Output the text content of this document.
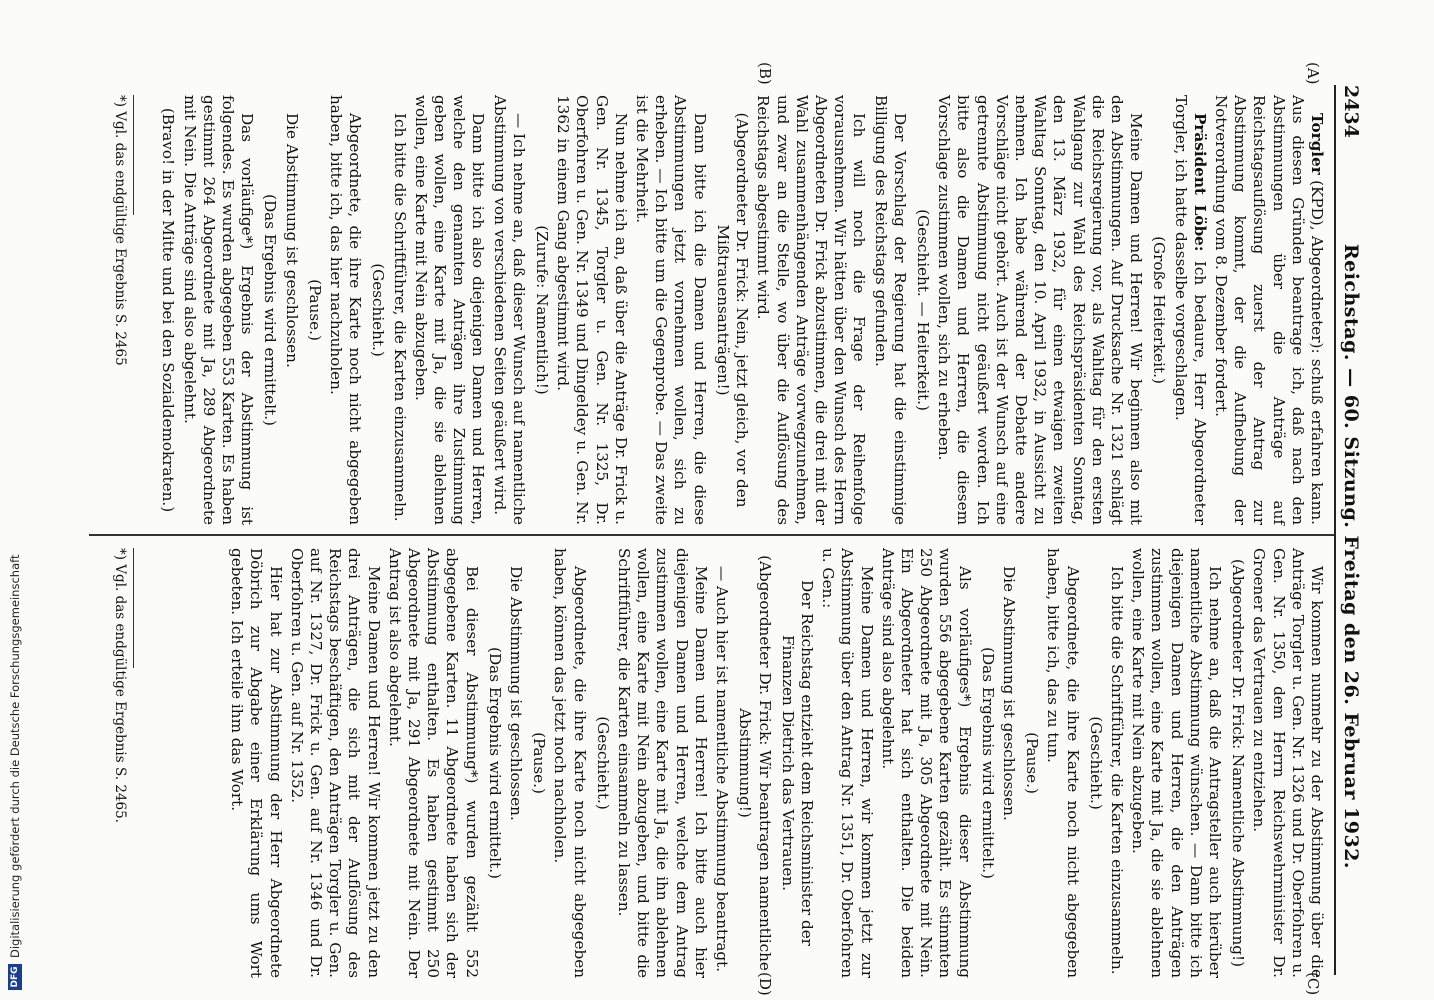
2434
Reichstag. — 60. Sitzung. Freitag den 26. Februar 1932.
(A)
(B)
(C)
(D)

Torgler (KPD), Abgeordneter): schuß erfahren kann. Aus diesen Gründen beantrage ich, daß nach den Abstimmungen über die Anträge auf Reichstagsauflösung zuerst der Antrag zur Abstimmung kommt, der die Aufhebung der Notverordnung vom 8. Dezember fordert.

Präsident Löbe: Ich bedaure, Herr Abgeordneter Torgler, ich hatte dasselbe vorgeschlagen.

(Große Heiterkeit.)

Meine Damen und Herren! Wir beginnen also mit den Abstimmungen. Auf Drucksache Nr. 1321 schlägt die Reichsregierung vor, als Wahltag für den ersten Wahlgang zur Wahl des Reichspräsidenten Sonntag, den 13. März 1932, für einen etwaigen zweiten Wahltag Sonntag, den 10. April 1932, in Aussicht zu nehmen. Ich habe während der Debatte andere Vorschläge nicht gehört. Auch ist der Wunsch auf eine getrennte Abstimmung nicht geäußert worden. Ich bitte also die Damen und Herren, die diesem Vorschlage zustimmen wollen, sich zu erheben.

(Geschieht. — Heiterkeit.)

Der Vorschlag der Regierung hat die einstimmige Billigung des Reichstags gefunden.

Ich will noch die Frage der Reihenfolge vorausnehmen. Wir hätten über den Wunsch des Herrn Abgeordneten Dr. Frick abzustimmen, die drei mit der Wahl zusammenhängenden Anträge vorwegzunehmen, und zwar an die Stelle, wo über die Auflösung des Reichstags abgestimmt wird.

(Abgeordneter Dr. Frick: Nein, jetzt gleich, vor den Mißtrauensanträgen!)

Dann bitte ich die Damen und Herren, die diese Abstimmungen jetzt vornehmen wollen, sich zu erheben. — Ich bitte um die Gegenprobe. — Das zweite ist die Mehrheit.

Nun nehme ich an, daß über die Anträge Dr. Frick u. Gen. Nr. 1345, Torgler u. Gen. Nr. 1325, Dr. Oberfohren u. Gen. Nr. 1349 und Dingeldey u. Gen. Nr. 1362 in einem Gang abgestimmt wird.

(Zurufe: Namentlich!)

— Ich nehme an, daß dieser Wunsch auf namentliche Abstimmung von verschiedenen Seiten geäußert wird.

Dann bitte ich also diejenigen Damen und Herren, welche den genannten Anträgen ihre Zustimmung geben wollen, eine Karte mit Ja, die sie ablehnen wollen, eine Karte mit Nein abzugeben.

Ich bitte die Schriftführer, die Karten einzusammeln.

(Geschieht.)

Abgeordnete, die ihre Karte noch nicht abgegeben haben, bitte ich, das hier nachzuholen.

(Pause.)

Die Abstimmung ist geschlossen.

(Das Ergebnis wird ermittelt.)

Das vorläufige*) Ergebnis der Abstimmung ist folgendes. Es wurden abgegeben 553 Karten. Es haben gestimmt 264 Abgeordnete mit Ja, 289 Abgeordnete mit Nein. Die Anträge sind also abgelehnt.

(Bravo! in der Mitte und bei den Sozialdemokraten.)

Wir kommen nunmehr zu der Abstimmung über die Anträge Torgler u. Gen. Nr. 1326 und Dr. Oberfohren u. Gen. Nr. 1350, dem Herrn Reichswehrminister Dr. Groener das Vertrauen zu entziehen.

(Abgeordneter Dr. Frick: Namentliche Abstimmung!)

Ich nehme an, daß die Antragsteller auch hierüber namentliche Abstimmung wünschen. — Dann bitte ich diejenigen Damen und Herren, die den Anträgen zustimmen wollen, eine Karte mit Ja, die sie ablehnen wollen, eine Karte mit Nein abzugeben.

Ich bitte die Schriftführer, die Karten einzusammeln.

(Geschieht.)

Abgeordnete, die ihre Karte noch nicht abgegeben haben, bitte ich, das zu tun.

(Pause.)

Die Abstimmung ist geschlossen.

(Das Ergebnis wird ermittelt.)

Als vorläufiges*) Ergebnis dieser Abstimmung wurden 556 abgegebene Karten gezählt. Es stimmten 250 Abgeordnete mit Ja, 305 Abgeordnete mit Nein. Ein Abgeordneter hat sich enthalten. Die beiden Anträge sind also abgelehnt.

Meine Damen und Herren, wir kommen jetzt zur Abstimmung über den Antrag Nr. 1351, Dr. Oberfohren u. Gen.:

Der Reichstag entzieht dem Reichsminister der Finanzen Dietrich das Vertrauen.

(Abgeordneter Dr. Frick: Wir beantragen namentliche Abstimmung!)

— Auch hier ist namentliche Abstimmung beantragt.

Meine Damen und Herren! Ich bitte auch hier diejenigen Damen und Herren, welche dem Antrag zustimmen wollen, eine Karte mit Ja, die ihn ablehnen wollen, eine Karte mit Nein abzugeben, und bitte die Schriftführer, die Karten einsammeln zu lassen.

(Geschieht.)

Abgeordnete, die ihre Karte noch nicht abgegeben haben, können das jetzt noch nachholen.

(Pause.)

Die Abstimmung ist geschlossen.

(Das Ergebnis wird ermittelt.)

Bei dieser Abstimmung*) wurden gezählt 552 abgegebene Karten. 11 Abgeordnete haben sich der Abstimmung enthalten. Es haben gestimmt 250 Abgeordnete mit Ja, 291 Abgeordnete mit Nein. Der Antrag ist also abgelehnt.

Meine Damen und Herren! Wir kommen jetzt zu den drei Anträgen, die sich mit der Auflösung des Reichstags beschäftigen, den Anträgen Torgler u. Gen. auf Nr. 1327, Dr. Frick u. Gen. auf Nr. 1346 und Dr. Oberfohren u. Gen. auf Nr. 1352.

Hier hat zur Abstimmung der Herr Abgeordnete Döbrich zur Abgabe einer Erklärung ums Wort gebeten. Ich erteile ihm das Wort.

*) Vgl. das endgültige Ergebnis S. 2465
*) Vgl. das endgültige Ergebnis S. 2465.
DFG
Digitalisierung gefördert durch die Deutsche Forschungsgemeinschaft
